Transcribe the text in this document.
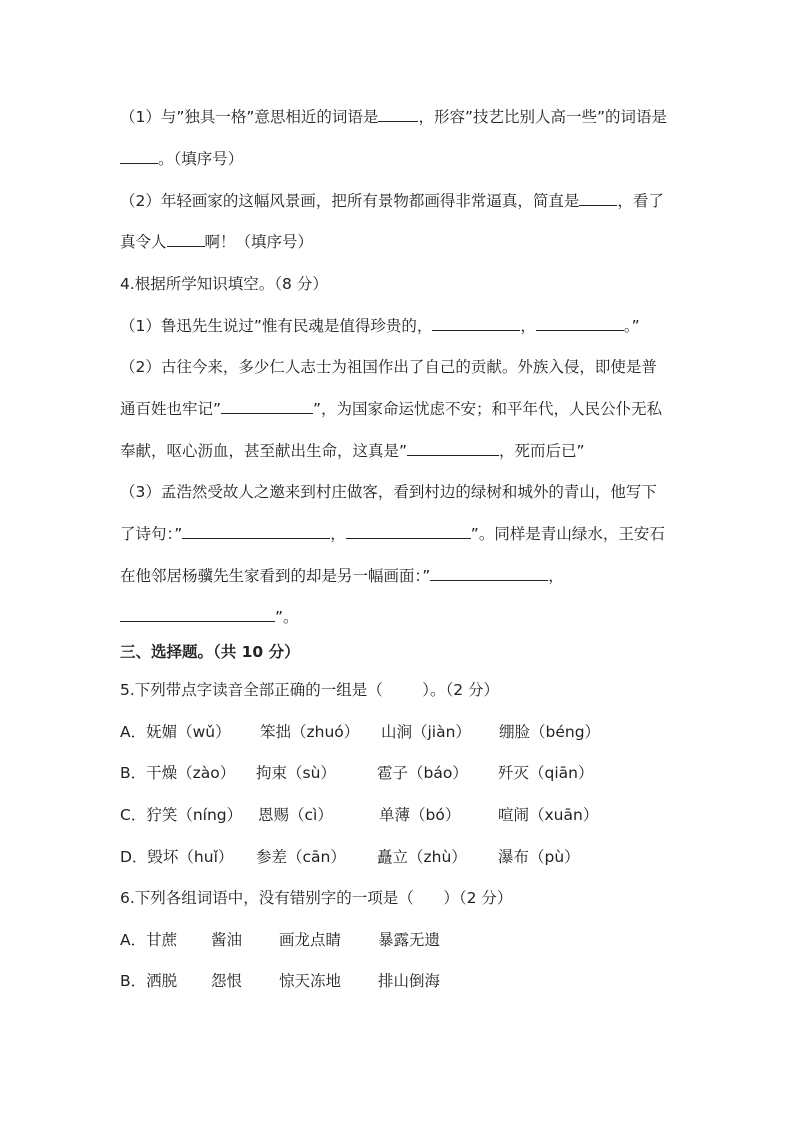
（1）与”独具一格”意思相近的词语是	，形容”技艺比别人高一些”的词语是
。（填序号）
（2）年轻画家的这幅风景画，把所有景物都画得非常逼真，简直是 ，看了
真令人 啊！（填序号）
4.根据所学知识填空。（8 分）
（1）鲁迅先生说过”惟有民魂是值得珍贵的，	，	。”
（2）古往今来，多少仁人志士为祖国作出了自己的贡献。外族入侵，即使是普
通百姓也牢记”	”，为国家命运忧虑不安；和平年代，人民公仆无私
奉献，呕心沥血，甚至献出生命，这真是”	，死而后已”
（3）孟浩然受故人之邀来到村庄做客，看到村边的绿树和城外的青山，他写下
了诗句：”	，	”。同样是青山绿水，王安石
在他邻居杨骥先生家看到的却是另一幅画面：”	，
”。
三、选择题。（共 10 分）
5.下列带点字读音全部正确的一组是（        ）。（2 分）
A．妩媚（wǔ） 笨拙（zhuó） 山涧（jiàn） 绷脸（béng）
B．干燥（zào） 拘束（sù）	雹子（báo） 歼灭（qiān）
C．狞笑（níng） 恩赐（cì）	单薄（bó） 喧闹（xuān）
D．毁坏（huǐ） 参差（cān） 矗立（zhù） 瀑布（pù）
6.下列各组词语中，没有错别字的一项是（      ）（2 分）
A．甘蔗 酱油 画龙点睛 暴露无遗
B．洒脱 怨恨 惊天冻地 排山倒海
